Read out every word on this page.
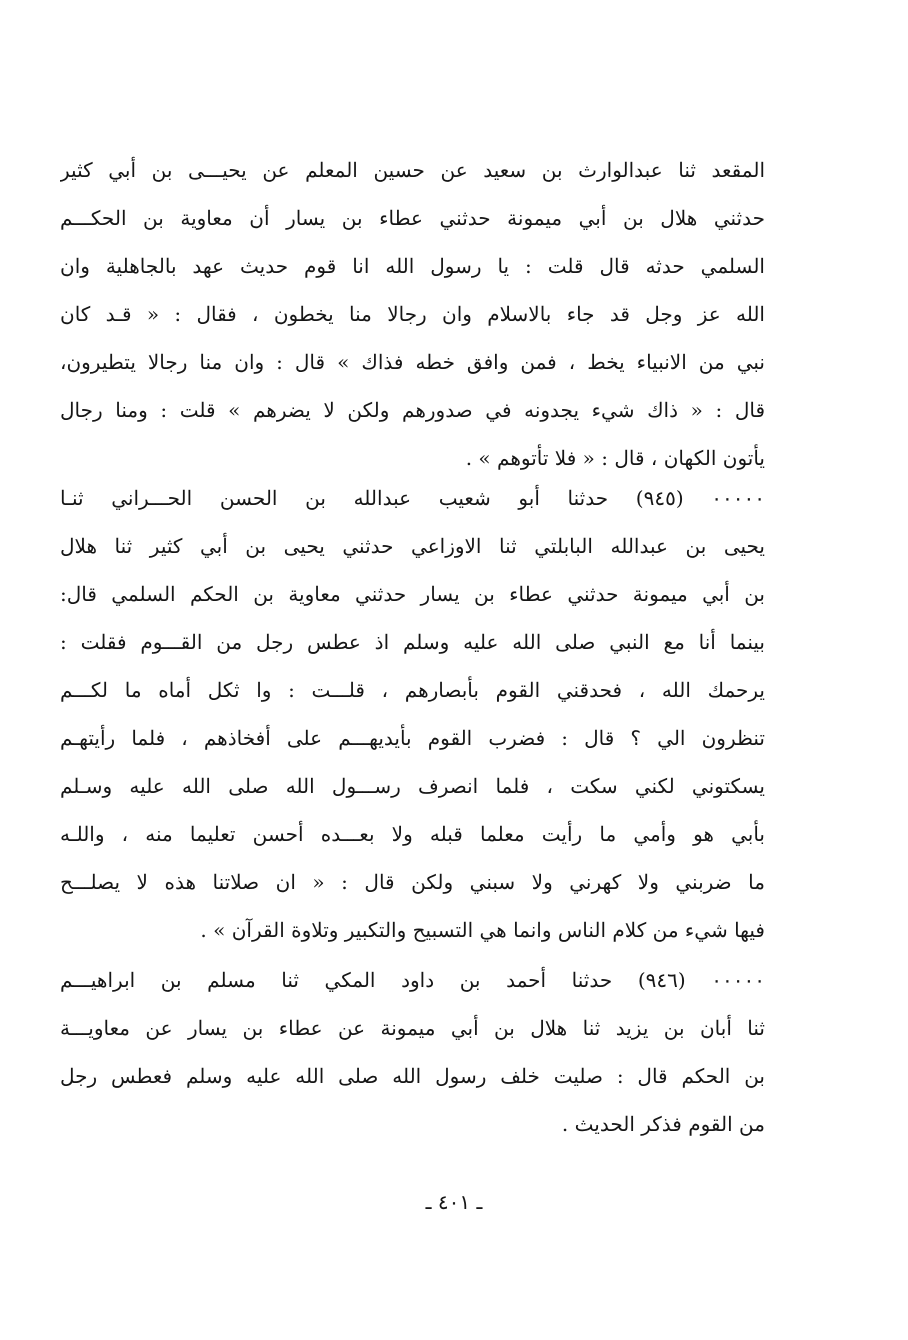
المقعد ثنا عبدالوارث بن سعيد عن حسين المعلم عن يحيـــى بن أبي كثير
حدثني هلال بن أبي ميمونة حدثني عطاء بن يسار أن معاوية بن الحكـــم
السلمي حدثه قال قلت : يا رسول الله انا قوم حديث عهد بالجاهلية وان
الله عز وجل قد جاء بالاسلام وان رجالا منا يخطون ، فقال : « قـد كان
نبي من الانبياء يخط ، فمن وافق خطه فذاك » قال : وان منا رجالا يتطيرون،
قال : « ذاك شيء يجدونه في صدورهم ولكن لا يضرهم » قلت : ومنا رجال
يأتون الكهان ، قال : « فلا تأتوهم » .
٠٠٠٠٠ (٩٤٥) حدثنا أبو شعيب عبدالله بن الحسن الحـــراني ثنـا
يحيى بن عبدالله البابلتي ثنا الاوزاعي حدثني يحيى بن أبي كثير ثنا هلال
بن أبي ميمونة حدثني عطاء بن يسار حدثني معاوية بن الحكم السلمي قال:
بينما أنا مع النبي صلى الله عليه وسلم اذ عطس رجل من القـــوم فقلت :
يرحمك الله ، فحدقني القوم بأبصارهم ، قلـــت : وا ثكل أماه ما لكـــم
تنظرون الي ؟ قال : فضرب القوم بأيديهـــم على أفخاذهم ، فلما رأيتهـم
يسكتوني لكني سكت ، فلما انصرف رســـول الله صلى الله عليه وسـلم
بأبي هو وأمي ما رأيت معلما قبله ولا بعـــده أحسن تعليما منه ، واللـه
ما ضربني ولا كهرني ولا سبني ولكن قال : « ان صلاتنا هذه لا يصلـــح
فيها شيء من كلام الناس وانما هي التسبيح والتكبير وتلاوة القرآن » .
٠٠٠٠٠ (٩٤٦) حدثنا أحمد بن داود المكي ثنا مسلم بن ابراهيـــم
ثنا أبان بن يزيد ثنا هلال بن أبي ميمونة عن عطاء بن يسار عن معاويـــة
بن الحكم قال : صليت خلف رسول الله صلى الله عليه وسلم فعطس رجل
من القوم فذكر الحديث .
ـ ٤٠١ ـ
